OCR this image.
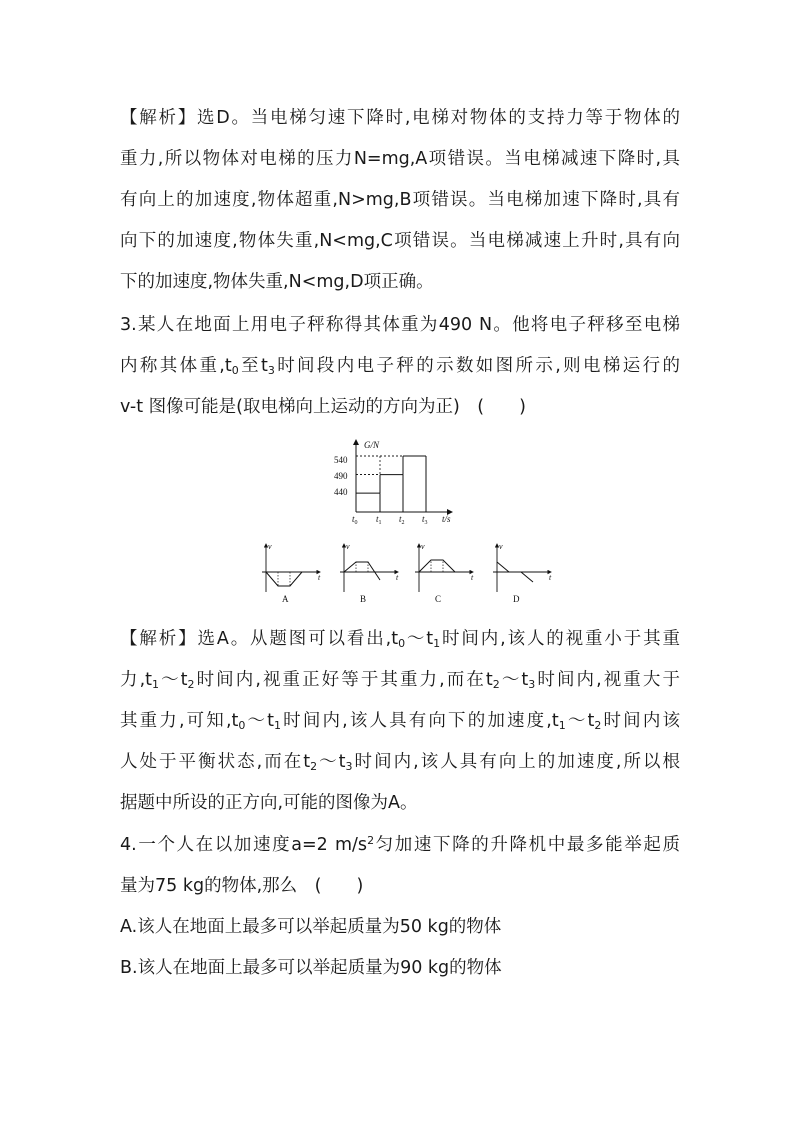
【解析】选D。当电梯匀速下降时,电梯对物体的支持力等于物体的
重力,所以物体对电梯的压力N=mg,A项错误。当电梯减速下降时,具
有向上的加速度,物体超重,N>mg,B项错误。当电梯加速下降时,具有
向下的加速度,物体失重,N<mg,C项错误。当电梯减速上升时,具有向
下的加速度,物体失重,N<mg,D项正确。
3.某人在地面上用电子秤称得其体重为490 N。他将电子秤移至电梯
内称其体重$,t_0$至$t_3$时间段内电子秤的示数如图所示,则电梯运行的
v-t 图像可能是(取电梯向上运动的方向为正)　(　　)
G/N
t/s
540
490
440
$t_0$ $t_1$ $t_2$ $t_3$
v
t
A
v
t
B
v
t
C
v
t
D
【解析】选A。从题图可以看出$,t_0\sim t_1$时间内,该人的视重小于其重
力$,t_1\sim t_2$时间内,视重正好等于其重力,而在$t_2\sim t_3$时间内,视重大于
其重力,可知$,t_0\sim t_1$时间内,该人具有向下的加速度$,t_1\sim t_2$时间内该
人处于平衡状态,而在$t_2\sim t_3$时间内,该人具有向上的加速度,所以根
据题中所设的正方向,可能的图像为A。
4.一个人在以加速度a=2 $m/s^2$匀加速下降的升降机中最多能举起质
量为75 kg的物体,那么　(　　)
A.该人在地面上最多可以举起质量为50 kg的物体
B.该人在地面上最多可以举起质量为90 kg的物体
